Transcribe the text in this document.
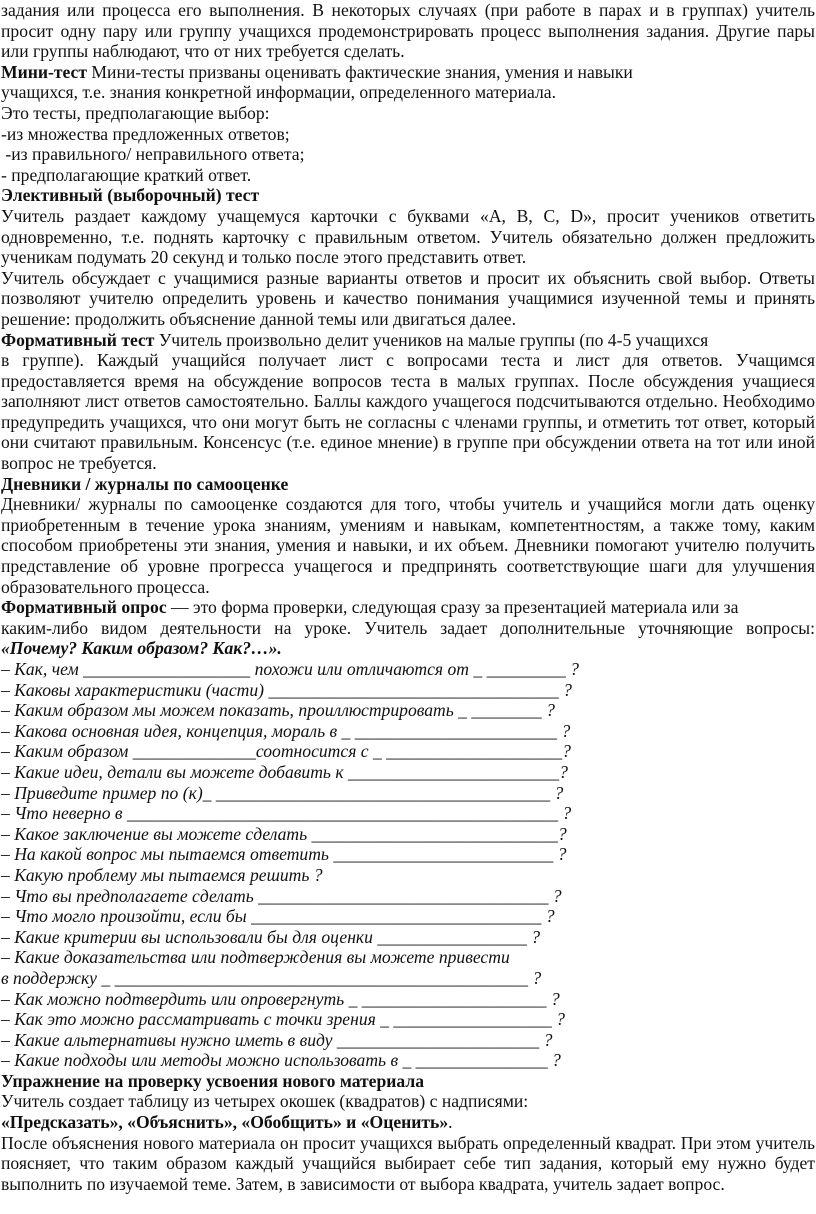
задания или процесса его выполнения. В некоторых случаях (при работе в парах и в группах) учитель просит одну пару или группу учащихся продемонстрировать процесс выполнения задания. Другие пары или группы наблюдают, что от них требуется сделать.

Мини-тест Мини-тесты призваны оценивать фактические знания, умения и навыки

учащихся, т.е. знания конкретной информации, определенного материала.

Это тесты, предполагающие выбор:

-из множества предложенных ответов;

-из правильного/ неправильного ответа;

- предполагающие краткий ответ.

Элективный (выборочный) тест

Учитель раздает каждому учащемуся карточки с буквами «A, B, C, D», просит учеников ответить одновременно, т.е. поднять карточку с правильным ответом. Учитель обязательно должен предложить ученикам подумать 20 секунд и только после этого представить ответ.

Учитель обсуждает с учащимися разные варианты ответов и просит их объяснить свой выбор. Ответы позволяют учителю определить уровень и качество понимания учащимися изученной темы и принять решение: продолжить объяснение данной темы или двигаться далее.

Формативный тест Учитель произвольно делит учеников на малые группы (по 4-5 учащихся

в группе). Каждый учащийся получает лист с вопросами теста и лист для ответов. Учащимся предоставляется время на обсуждение вопросов теста в малых группах. После обсуждения учащиеся заполняют лист ответов самостоятельно. Баллы каждого учащегося подсчитываются отдельно. Необходимо предупредить учащихся, что они могут быть не согласны с членами группы, и отметить тот ответ, который они считают правильным. Консенсус (т.е. единое мнение) в группе при обсуждении ответа на тот или иной вопрос не требуется.

Дневники / журналы по самооценке

Дневники/ журналы по самооценке создаются для того, чтобы учитель и учащийся могли дать оценку приобретенным в течение урока знаниям, умениям и навыкам, компетентностям, а также тому, каким способом приобретены эти знания, умения и навыки, и их объем. Дневники помогают учителю получить представление об уровне прогресса учащегося и предпринять соответствующие шаги для улучшения образовательного процесса.

Формативный опрос — это форма проверки, следующая сразу за презентацией материала или за

каким-либо видом деятельности на уроке. Учитель задает дополнительные уточняющие вопросы: «Почему? Каким образом? Как?…».

– Как, чем ___________________ похожи или отличаются от _ _________ ?

– Каковы характеристики (части) _________________________________ ?

– Каким образом мы можем показать, проиллюстрировать _ ________ ?

– Какова основная идея, концепция, мораль в _ _______________________ ?

– Каким образом ______________соотносится с _ ____________________?

– Какие идеи, детали вы можете добавить к ________________________?

– Приведите пример по (к)_ ______________________________________ ?

– Что неверно в _________________________________________________ ?

– Какое заключение вы можете сделать ____________________________?

– На какой вопрос мы пытаемся ответить _________________________ ?

– Какую проблему мы пытаемся решить ?

– Что вы предполагаете сделать _________________________________ ?

– Что могло произойти, если бы _________________________________ ?

– Какие критерии вы использовали бы для оценки _________________ ?

– Какие доказательства или подтверждения вы можете привести

в поддержку _ _______________________________________________ ?

– Как можно подтвердить или опровергнуть _ _____________________ ?

– Как это можно рассматривать с точки зрения _ __________________ ?

– Какие альтернативы нужно иметь в виду _______________________ ?

– Какие подходы или методы можно использовать в _ _______________ ?

Упражнение на проверку усвоения нового материала

Учитель создает таблицу из четырех окошек (квадратов) с надписями:

«Предсказать», «Объяснить», «Обобщить» и «Оценить».

После объяснения нового материала он просит учащихся выбрать определенный квадрат. При этом учитель поясняет, что таким образом каждый учащийся выбирает себе тип задания, который ему нужно будет выполнить по изучаемой теме. Затем, в зависимости от выбора квадрата, учитель задает вопрос.
